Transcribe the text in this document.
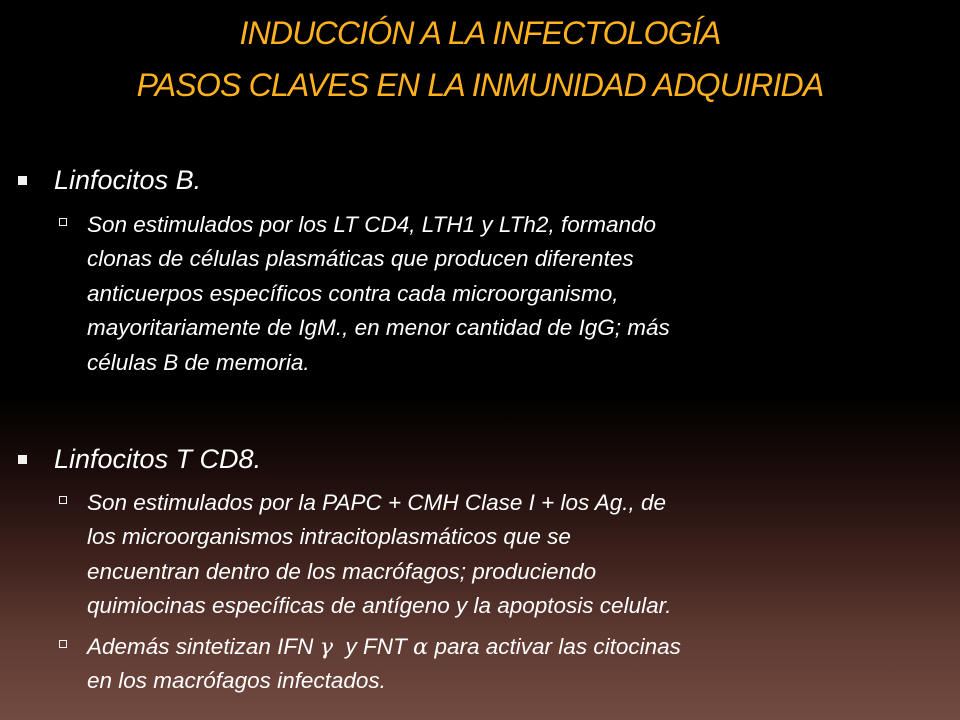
INDUCCIÓN A LA INFECTOLOGÍA
PASOS CLAVES EN LA INMUNIDAD ADQUIRIDA
Linfocitos B.
Son estimulados por los LT CD4, LTH1 y LTh2, formando
clonas de células plasmáticas que producen diferentes
anticuerpos específicos contra cada microorganismo,
mayoritariamente de IgM., en menor cantidad de IgG; más
células B de memoria.
Linfocitos T CD8.
Son estimulados por la PAPC + CMH Clase I + los Ag., de
los microorganismos intracitoplasmáticos que se
encuentran dentro de los macrófagos; produciendo
quimiocinas específicas de antígeno y la apoptosis celular.
Además sintetizan IFN γ  y FNT α para activar las citocinas
en los macrófagos infectados.
